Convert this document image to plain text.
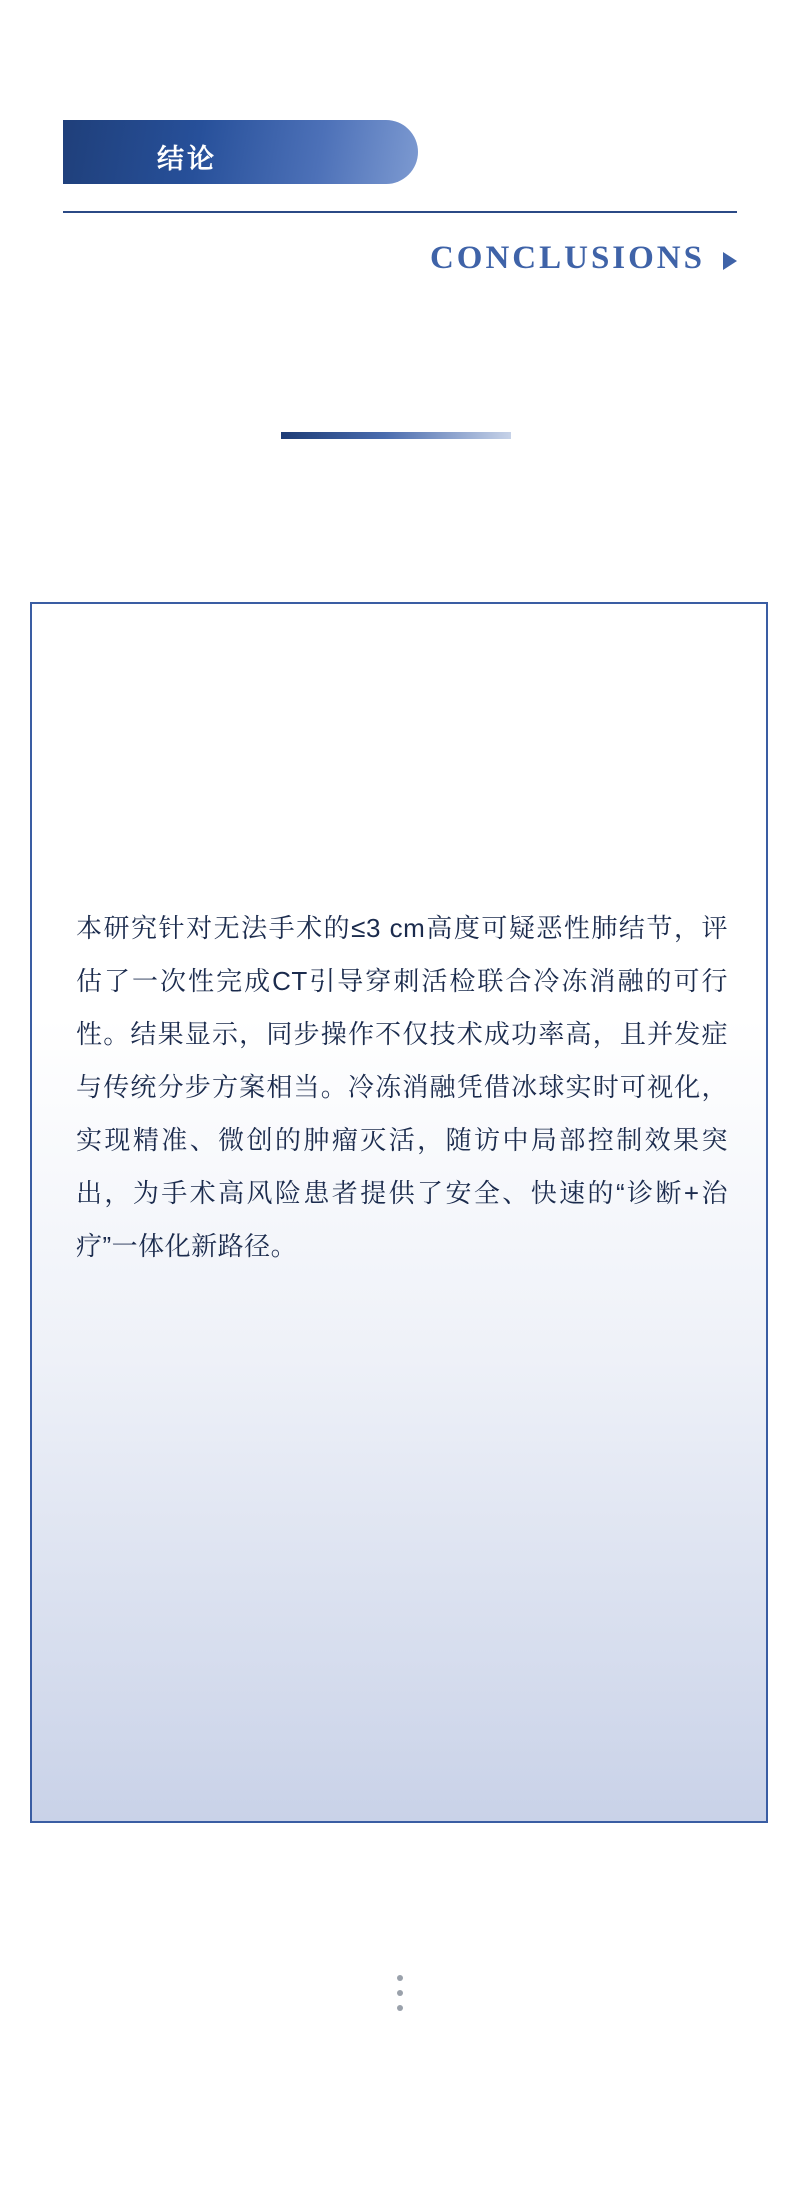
结论
CONCLUSIONS
本研究针对无法手术的≤3 cm高度可疑恶性肺结节，评估了一次性完成CT引导穿刺活检联合冷冻消融的可行性。结果显示，同步操作不仅技术成功率高，且并发症与传统分步方案相当。冷冻消融凭借冰球实时可视化，实现精准、微创的肿瘤灭活，随访中局部控制效果突出，为手术高风险患者提供了安全、快速的“诊断+治疗”一体化新路径。
